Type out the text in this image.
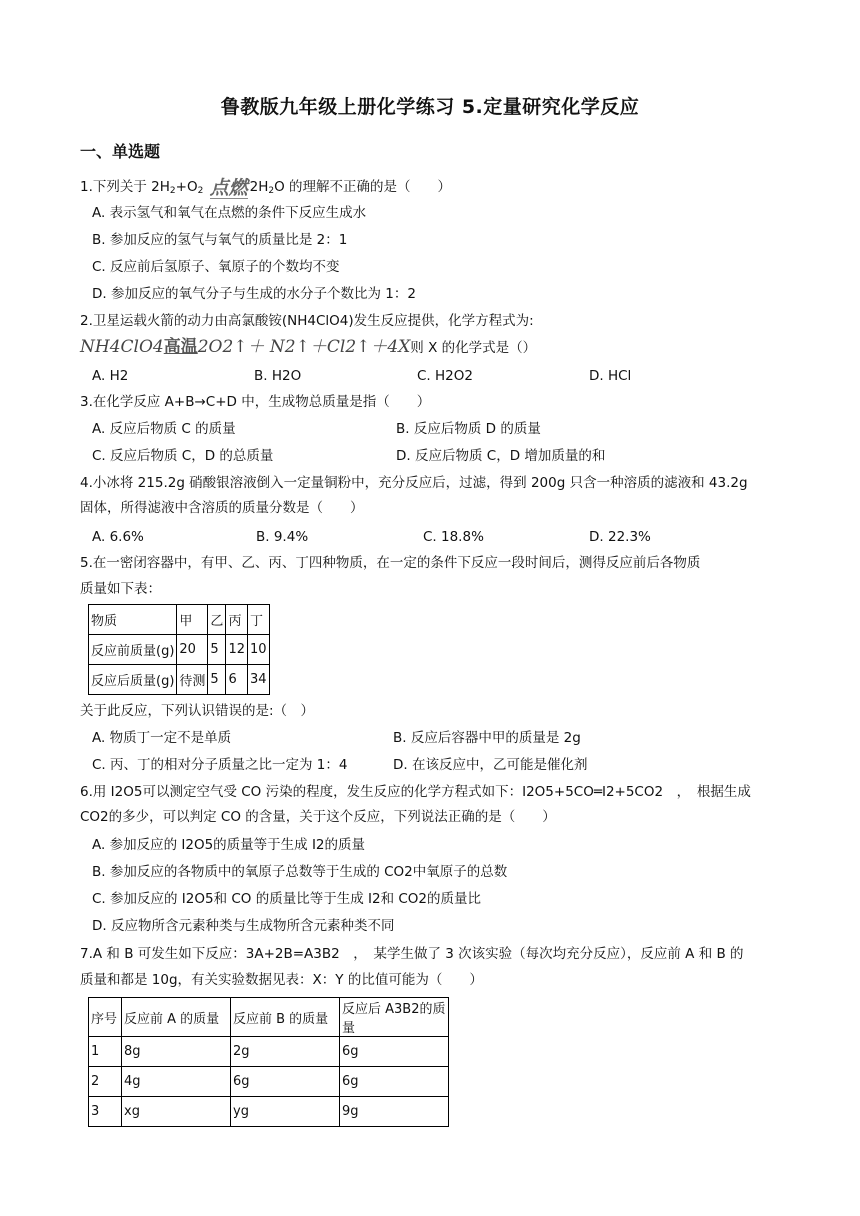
鲁教版九年级上册化学练习 5.定量研究化学反应
一、单选题
1.下列关于 $2H_2+O_2$ 点燃 $2H_2O$ 的理解不正确的是（　　）
A. 表示氢气和氧气在点燃的条件下反应生成水
B. 参加反应的氢气与氧气的质量比是 2：1
C. 反应前后氢原子、氧原子的个数均不变
D. 参加反应的氧气分子与生成的水分子个数比为 1：2
2.卫星运载火箭的动力由高氯酸铵(NH4ClO4)发生反应提供，化学方程式为:
NH4ClO4高温2O2↑＋ N2↑＋Cl2↑＋4X则 X 的化学式是（）
A. H2	B. H2O	C. H2O2	D. HCl
3.在化学反应 A+B→C+D 中，生成物总质量是指（　　）
A. 反应后物质 C 的质量	B. 反应后物质 D 的质量
C. 反应后物质 C，D 的总质量	D. 反应后物质 C，D 增加质量的和
4.小冰将 215.2g 硝酸银溶液倒入一定量铜粉中，充分反应后，过滤，得到 200g 只含一种溶质的滤液和 43.2g
固体，所得滤液中含溶质的质量分数是（　　）
A. 6.6%	B. 9.4%	C. 18.8%	D. 22.3%
5.在一密闭容器中，有甲、乙、丙、丁四种物质，在一定的条件下反应一段时间后，测得反应前后各物质
质量如下表：
物质	甲	乙	丙	丁
反应前质量(g)	20	5	12	10
反应后质量(g)	待测	5	6	34
关于此反应，下列认识错误的是:（　）
A. 物质丁一定不是单质	B. 反应后容器中甲的质量是 2g
C. 丙、丁的相对分子质量之比一定为 1：4	D. 在该反应中，乙可能是催化剂
6.用 I2O5可以测定空气受 CO 污染的程度，发生反应的化学方程式如下：I2O5+5CO═I2+5CO2　，　根据生成
CO2的多少，可以判定 CO 的含量，关于这个反应，下列说法正确的是（　　）
A. 参加反应的 I2O5的质量等于生成 I2的质量
B. 参加反应的各物质中的氧原子总数等于生成的 CO2中氧原子的总数
C. 参加反应的 I2O5和 CO 的质量比等于生成 I2和 CO2的质量比
D. 反应物所含元素种类与生成物所含元素种类不同
7.A 和 B 可发生如下反应：3A+2B=A3B2　，　某学生做了 3 次该实验（每次均充分反应），反应前 A 和 B 的
质量和都是 10g，有关实验数据见表：X：Y 的比值可能为（　　）
序号	反应前 A 的质量	反应前 B 的质量	反应后 A3B2的质量
1	8g	2g	6g
2	4g	6g	6g
3	xg	yg	9g
